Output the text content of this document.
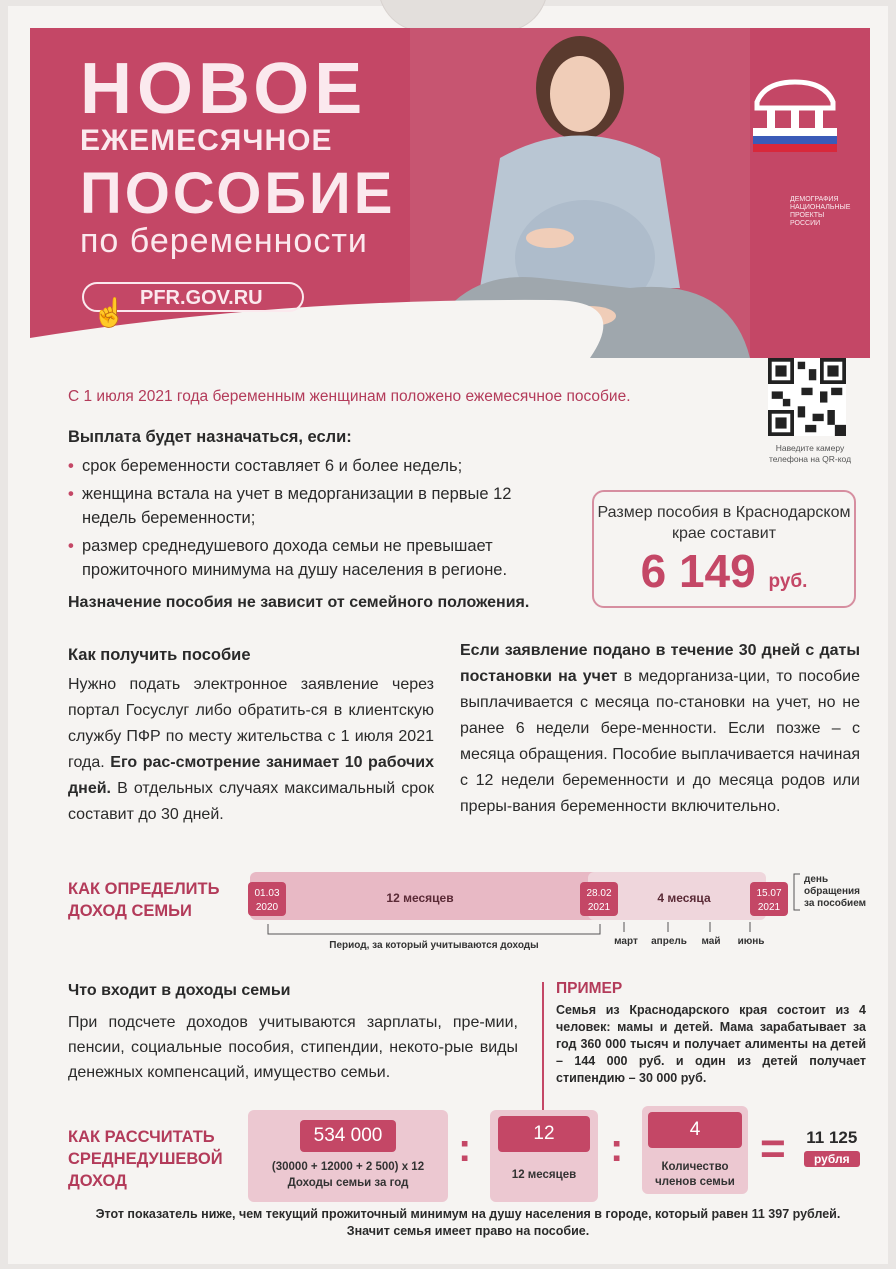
НОВОЕ
ЕЖЕМЕСЯЧНОЕ
ПОСОБИЕ
по беременности
PFR.GOV.RU
☝
ДЕМОГРАФИЯ НАЦИОНАЛЬНЫЕ ПРОЕКТЫ РОССИИ
Наведите камеру телефона на QR-код
С 1 июля 2021 года беременным женщинам положено ежемесячное пособие.
Выплата будет назначаться, если:
• срок беременности составляет 6 и более недель;
• женщина встала на учет в медорганизации в первые 12 недель беременности;
• размер среднедушевого дохода семьи не превышает прожиточного минимума на душу населения в регионе.
Назначение пособия не зависит от семейного положения.
Размер пособия в Краснодарском крае составит
6 149 руб.
Как получить пособие
Нужно подать электронное заявление через портал Госуслуг либо обратить-ся в клиентскую службу ПФР по месту жительства с 1 июля 2021 года. Его рас-смотрение занимает 10 рабочих дней. В отдельных случаях максимальный срок составит до 30 дней.
Если заявление подано в течение 30 дней с даты постановки на учет в медорганиза-ции, то пособие выплачивается с месяца по-становки на учет, но не ранее 6 недели бере-менности. Если позже – с месяца обращения. Пособие выплачивается начиная с 12 недели беременности и до месяца родов или преры-вания беременности включительно.
КАК ОПРЕДЕЛИТЬ ДОХОД СЕМЬИ
01.03
2020
28.02
2021
15.07
2021
12 месяцев	4 месяца
Период, за который учитываются доходы	март апрель май июнь
день
обращения
за пособием
Что входит в доходы семьи
При подсчете доходов учитываются зарплаты, пре-мии, пенсии, социальные пособия, стипендии, некото-рые виды денежных компенсаций, имущество семьи.
ПРИМЕР
Семья из Краснодарского края состоит из 4 человек: мамы и детей. Мама зарабатывает за год 360 000 тысяч и получает алименты на детей – 144 000 руб. и один из детей получает стипендию – 30 000 руб.
КАК РАССЧИТАТЬ СРЕДНЕДУШЕВОЙ ДОХОД
534 000
(30000 + 12000 + 2 500) x 12
Доходы семьи за год
:	12
12 месяцев
:	4
Количество членов семьи
= 11 125
рубля
Этот показатель ниже, чем текущий прожиточный минимум на душу населения в городе, который равен 11 397 рублей. Значит семья имеет право на пособие.
